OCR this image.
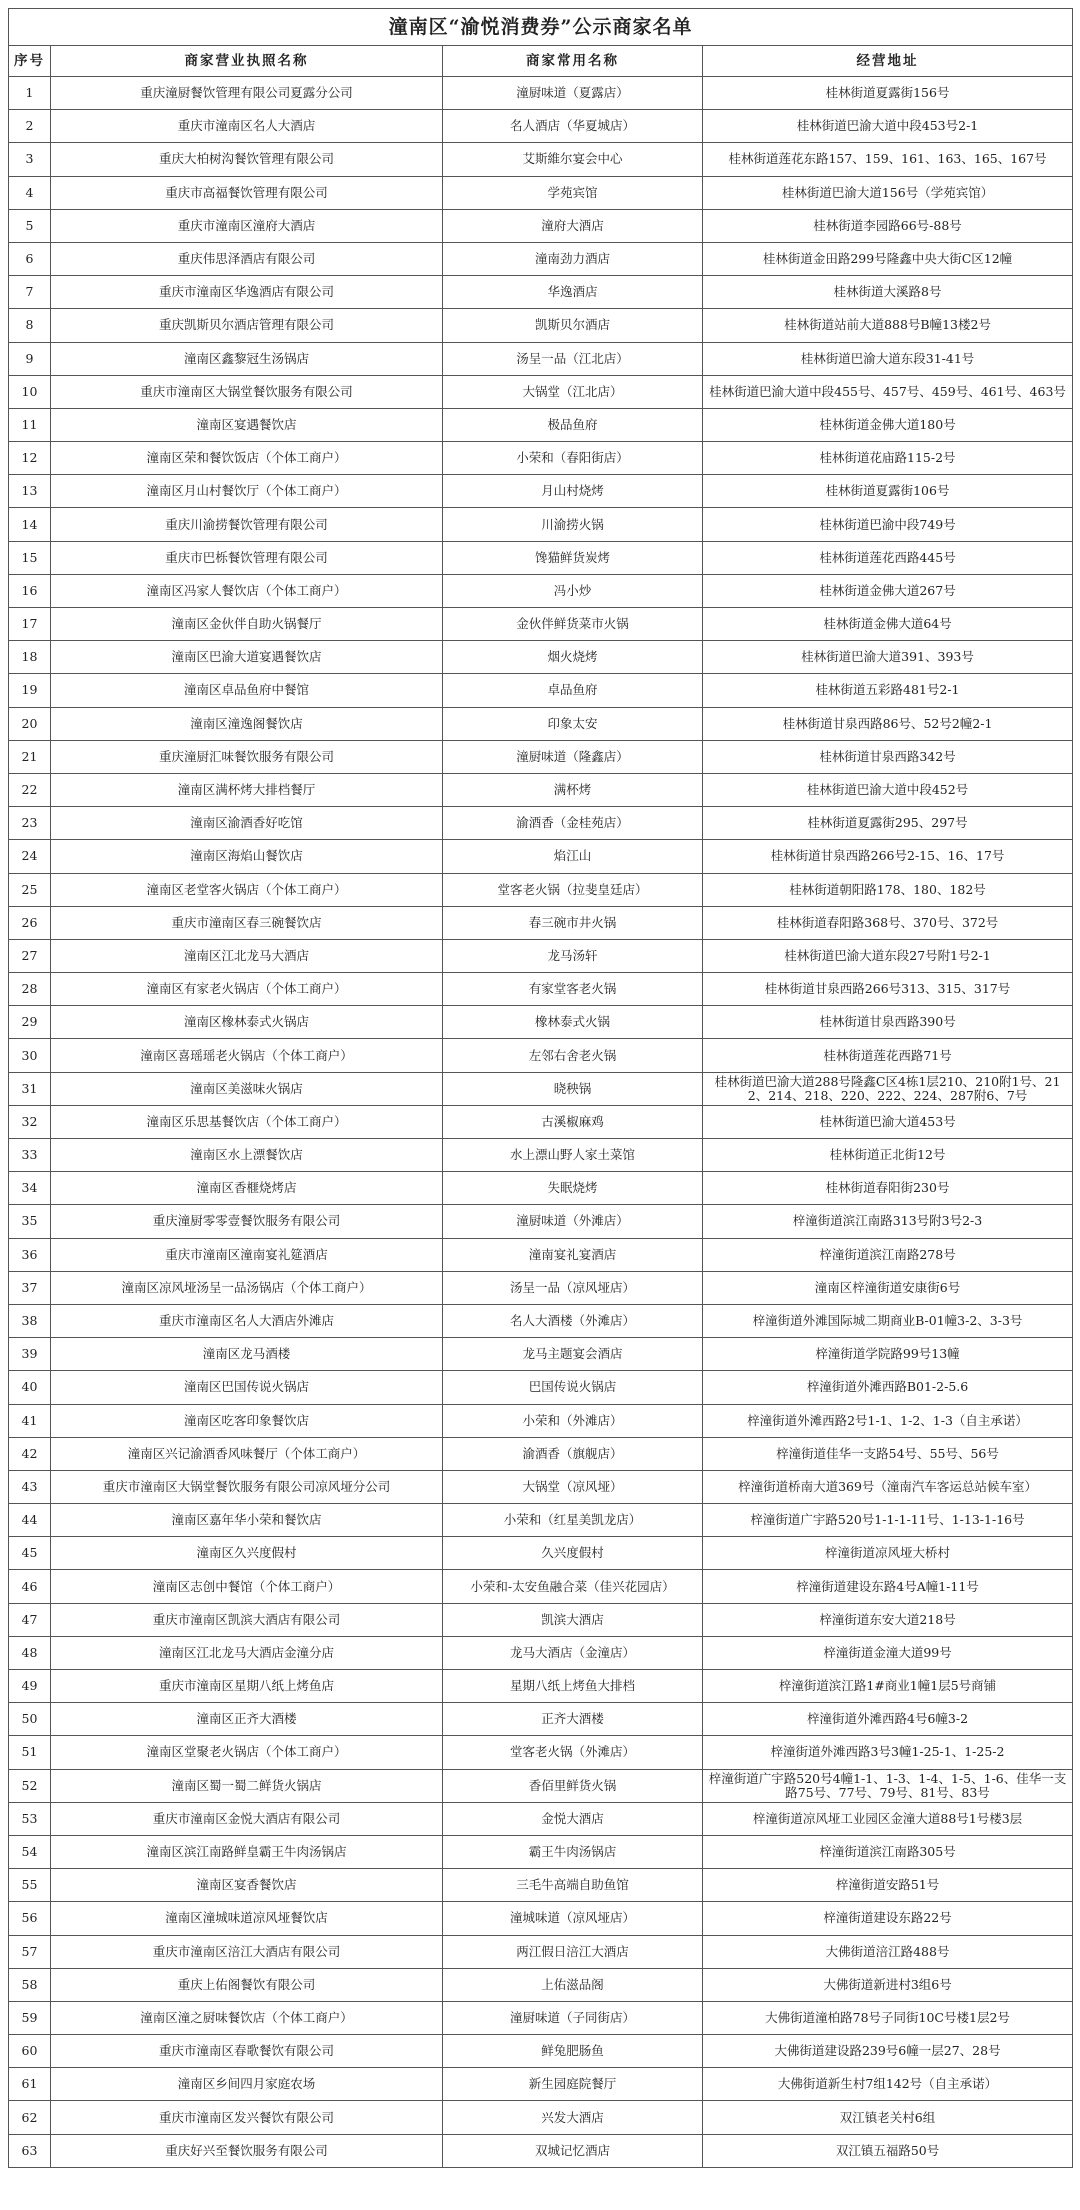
潼南区“渝悦消费券”公示商家名单			
序号	商家营业执照名称	商家常用名称	经营地址
1	重庆潼厨餐饮管理有限公司夏露分公司	潼厨味道（夏露店）	桂林街道夏露街156号
2	重庆市潼南区名人大酒店	名人酒店（华夏城店）	桂林街道巴渝大道中段453号2-1
3	重庆大柏树沟餐饮管理有限公司	艾斯維尔宴会中心	桂林街道莲花东路157、159、161、163、165、167号
4	重庆市高福餐饮管理有限公司	学苑宾馆	桂林街道巴渝大道156号（学苑宾馆）
5	重庆市潼南区潼府大酒店	潼府大酒店	桂林街道李园路66号-88号
6	重庆伟思泽酒店有限公司	潼南劲力酒店	桂林街道金田路299号隆鑫中央大街C区12幢
7	重庆市潼南区华逸酒店有限公司	华逸酒店	桂林街道大溪路8号
8	重庆凯斯贝尔酒店管理有限公司	凯斯贝尔酒店	桂林街道站前大道888号B幢13楼2号
9	潼南区鑫黎冠生汤锅店	汤呈一品（江北店）	桂林街道巴渝大道东段31-41号
10	重庆市潼南区大锅堂餐饮服务有限公司	大锅堂（江北店）	桂林街道巴渝大道中段455号、457号、459号、461号、463号
11	潼南区宴遇餐饮店	极品鱼府	桂林街道金佛大道180号
12	潼南区荣和餐饮饭店（个体工商户）	小荣和（春阳街店）	桂林街道花庙路115-2号
13	潼南区月山村餐饮厅（个体工商户）	月山村烧烤	桂林街道夏露街106号
14	重庆川渝捞餐饮管理有限公司	川渝捞火锅	桂林街道巴渝中段749号
15	重庆市巴栎餐饮管理有限公司	馋猫鲜货炭烤	桂林街道莲花西路445号
16	潼南区冯家人餐饮店（个体工商户）	冯小炒	桂林街道金佛大道267号
17	潼南区金伙伴自助火锅餐厅	金伙伴鲜货菜市火锅	桂林街道金佛大道64号
18	潼南区巴渝大道宴遇餐饮店	烟火烧烤	桂林街道巴渝大道391、393号
19	潼南区卓品鱼府中餐馆	卓品鱼府	桂林街道五彩路481号2-1
20	潼南区潼逸阁餐饮店	印象太安	桂林街道甘泉西路86号、52号2幢2-1
21	重庆潼厨汇味餐饮服务有限公司	潼厨味道（隆鑫店）	桂林街道甘泉西路342号
22	潼南区满杯烤大排档餐厅	满杯烤	桂林街道巴渝大道中段452号
23	潼南区渝酒香好吃馆	渝酒香（金桂苑店）	桂林街道夏露街295、297号
24	潼南区海焰山餐饮店	焰江山	桂林街道甘泉西路266号2-15、16、17号
25	潼南区老堂客火锅店（个体工商户）	堂客老火锅（拉斐皇廷店）	桂林街道朝阳路178、180、182号
26	重庆市潼南区春三碗餐饮店	春三碗市井火锅	桂林街道春阳路368号、370号、372号
27	潼南区江北龙马大酒店	龙马汤轩	桂林街道巴渝大道东段27号附1号2-1
28	潼南区有家老火锅店（个体工商户）	有家堂客老火锅	桂林街道甘泉西路266号313、315、317号
29	潼南区橡林泰式火锅店	橡林泰式火锅	桂林街道甘泉西路390号
30	潼南区喜瑶瑶老火锅店（个体工商户）	左邻右舍老火锅	桂林街道莲花西路71号
31	潼南区美滋味火锅店	晓秧锅	桂林街道巴渝大道288号隆鑫C区4栋1层210、210附1号、212、214、218、220、222、224、287附6、7号
32	潼南区乐思基餐饮店（个体工商户）	古溪椒麻鸡	桂林街道巴渝大道453号
33	潼南区水上漂餐饮店	水上漂山野人家土菜馆	桂林街道正北街12号
34	潼南区香榧烧烤店	失眠烧烤	桂林街道春阳街230号
35	重庆潼厨零零壹餐饮服务有限公司	潼厨味道（外滩店）	梓潼街道滨江南路313号附3号2-3
36	重庆市潼南区潼南宴礼筵酒店	潼南宴礼宴酒店	梓潼街道滨江南路278号
37	潼南区凉风垭汤呈一品汤锅店（个体工商户）	汤呈一品（凉风垭店）	潼南区梓潼街道安康街6号
38	重庆市潼南区名人大酒店外滩店	名人大酒楼（外滩店）	梓潼街道外滩国际城二期商业B-01幢3-2、3-3号
39	潼南区龙马酒楼	龙马主题宴会酒店	梓潼街道学院路99号13幢
40	潼南区巴国传说火锅店	巴国传说火锅店	梓潼街道外滩西路B01-2-5.6
41	潼南区吃客印象餐饮店	小荣和（外滩店）	梓潼街道外滩西路2号1-1、1-2、1-3（自主承诺）
42	潼南区兴记渝酒香风味餐厅（个体工商户）	渝酒香（旗舰店）	梓潼街道佳华一支路54号、55号、56号
43	重庆市潼南区大锅堂餐饮服务有限公司凉风垭分公司	大锅堂（凉风垭）	梓潼街道桥南大道369号（潼南汽车客运总站候车室）
44	潼南区嘉年华小荣和餐饮店	小荣和（红星美凯龙店）	梓潼街道广宇路520号1-1-1-11号、1-13-1-16号
45	潼南区久兴度假村	久兴度假村	梓潼街道凉风垭大桥村
46	潼南区志创中餐馆（个体工商户）	小荣和-太安鱼融合菜（佳兴花园店）	梓潼街道建设东路4号A幢1-11号
47	重庆市潼南区凯滨大酒店有限公司	凯滨大酒店	梓潼街道东安大道218号
48	潼南区江北龙马大酒店金潼分店	龙马大酒店（金潼店）	梓潼街道金潼大道99号
49	重庆市潼南区星期八纸上烤鱼店	星期八纸上烤鱼大排档	梓潼街道滨江路1#商业1幢1层5号商铺
50	潼南区正齐大酒楼	正齐大酒楼	梓潼街道外滩西路4号6幢3-2
51	潼南区堂聚老火锅店（个体工商户）	堂客老火锅（外滩店）	梓潼街道外滩西路3号3幢1-25-1、1-25-2
52	潼南区蜀一蜀二鲜货火锅店	香佰里鲜货火锅	梓潼街道广宇路520号4幢1-1、1-3、1-4、1-5、1-6、佳华一支路75号、77号、79号、81号、83号
53	重庆市潼南区金悦大酒店有限公司	金悦大酒店	梓潼街道凉风垭工业园区金潼大道88号1号楼3层
54	潼南区滨江南路鲜皇霸王牛肉汤锅店	霸王牛肉汤锅店	梓潼街道滨江南路305号
55	潼南区宴香餐饮店	三毛牛高端自助鱼馆	梓潼街道安路51号
56	潼南区潼城味道凉风垭餐饮店	潼城味道（凉风垭店）	梓潼街道建设东路22号
57	重庆市潼南区涪江大酒店有限公司	两江假日涪江大酒店	大佛街道涪江路488号
58	重庆上佑阁餐饮有限公司	上佑滋品阁	大佛街道新进村3组6号
59	潼南区潼之厨味餐饮店（个体工商户）	潼厨味道（子同街店）	大佛街道潼柏路78号子同街10C号楼1层2号
60	重庆市潼南区春歌餐饮有限公司	鲜兔肥肠鱼	大佛街道建设路239号6幢一层27、28号
61	潼南区乡间四月家庭农场	新生园庭院餐厅	大佛街道新生村7组142号（自主承诺）
62	重庆市潼南区发兴餐饮有限公司	兴发大酒店	双江镇老关村6组
63	重庆好兴至餐饮服务有限公司	双城记忆酒店	双江镇五福路50号
